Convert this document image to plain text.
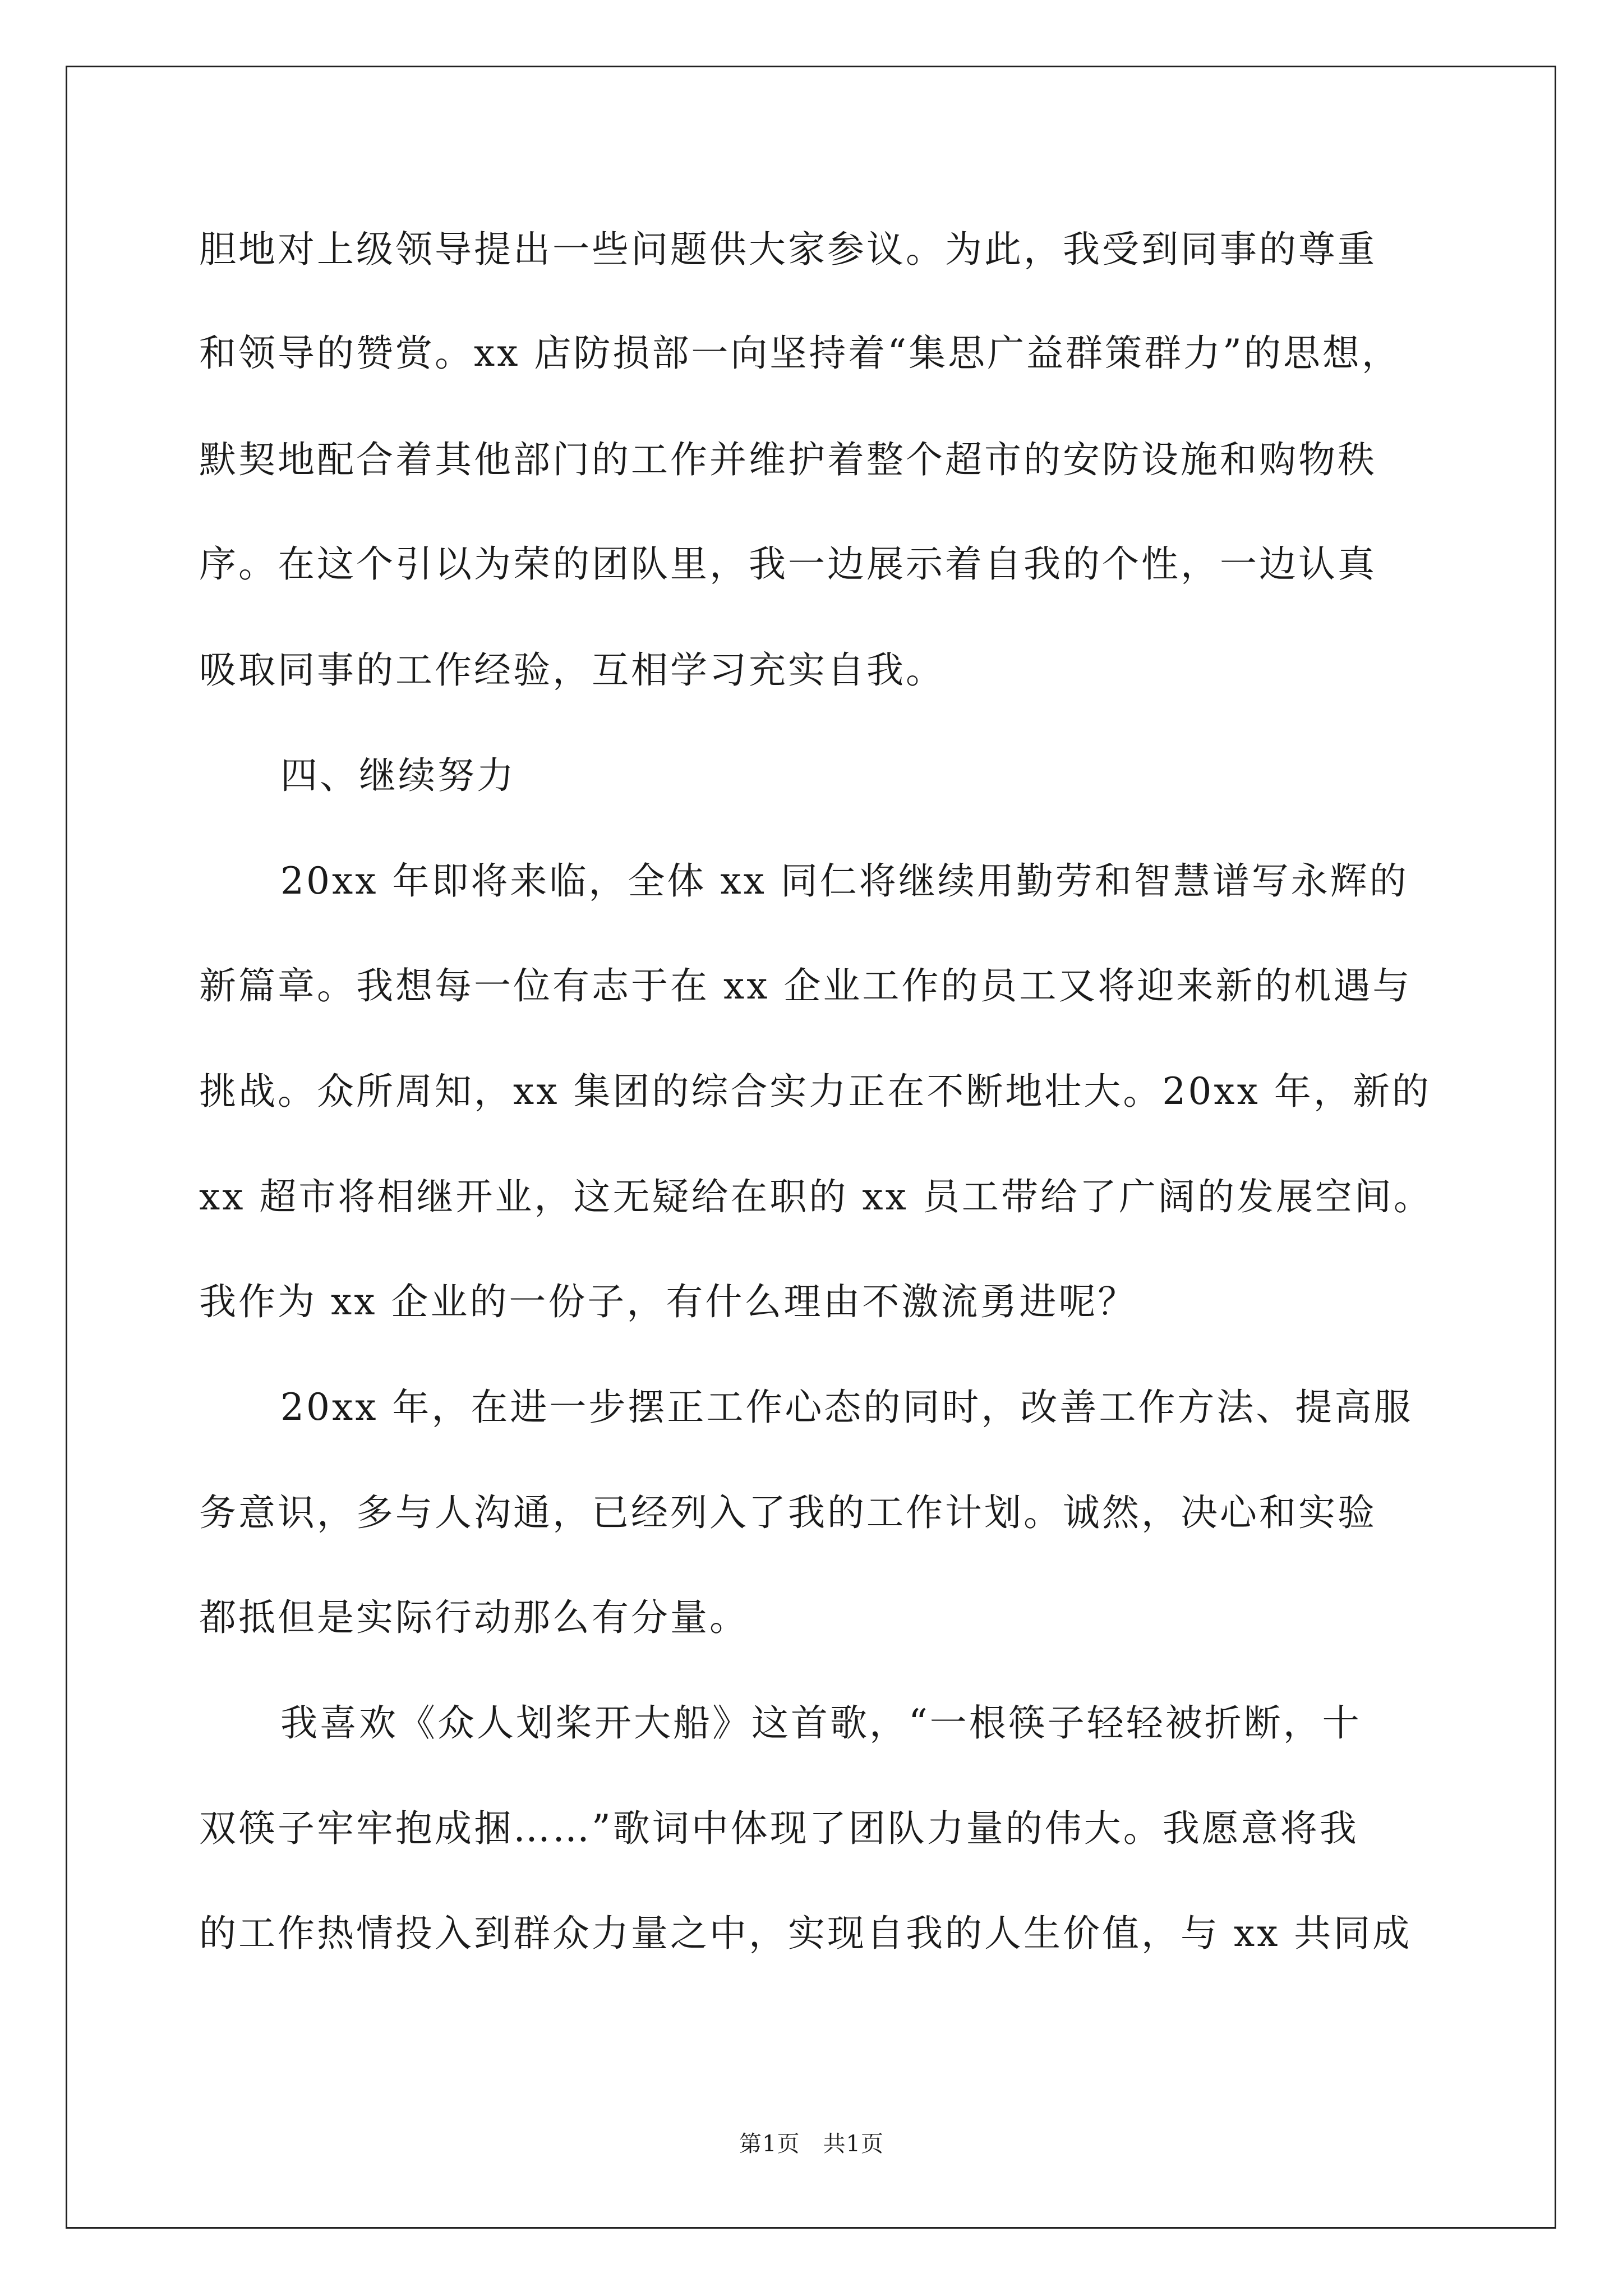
胆地对上级领导提出一些问题供大家参议。为此，我受到同事的尊重
和领导的赞赏。xx 店防损部一向坚持着“集思广益群策群力”的思想，
默契地配合着其他部门的工作并维护着整个超市的安防设施和购物秩
序。在这个引以为荣的团队里，我一边展示着自我的个性，一边认真
吸取同事的工作经验，互相学习充实自我。
四、继续努力
20xx 年即将来临，全体 xx 同仁将继续用勤劳和智慧谱写永辉的
新篇章。我想每一位有志于在 xx 企业工作的员工又将迎来新的机遇与
挑战。众所周知，xx 集团的综合实力正在不断地壮大。20xx 年，新的
xx 超市将相继开业，这无疑给在职的 xx 员工带给了广阔的发展空间。
我作为 xx 企业的一份子，有什么理由不激流勇进呢？
20xx 年，在进一步摆正工作心态的同时，改善工作方法、提高服
务意识，多与人沟通，已经列入了我的工作计划。诚然，决心和实验
都抵但是实际行动那么有分量。
我喜欢《众人划桨开大船》这首歌，“一根筷子轻轻被折断，十
双筷子牢牢抱成捆……”歌词中体现了团队力量的伟大。我愿意将我
的工作热情投入到群众力量之中，实现自我的人生价值，与 xx 共同成
第1页　共1页
